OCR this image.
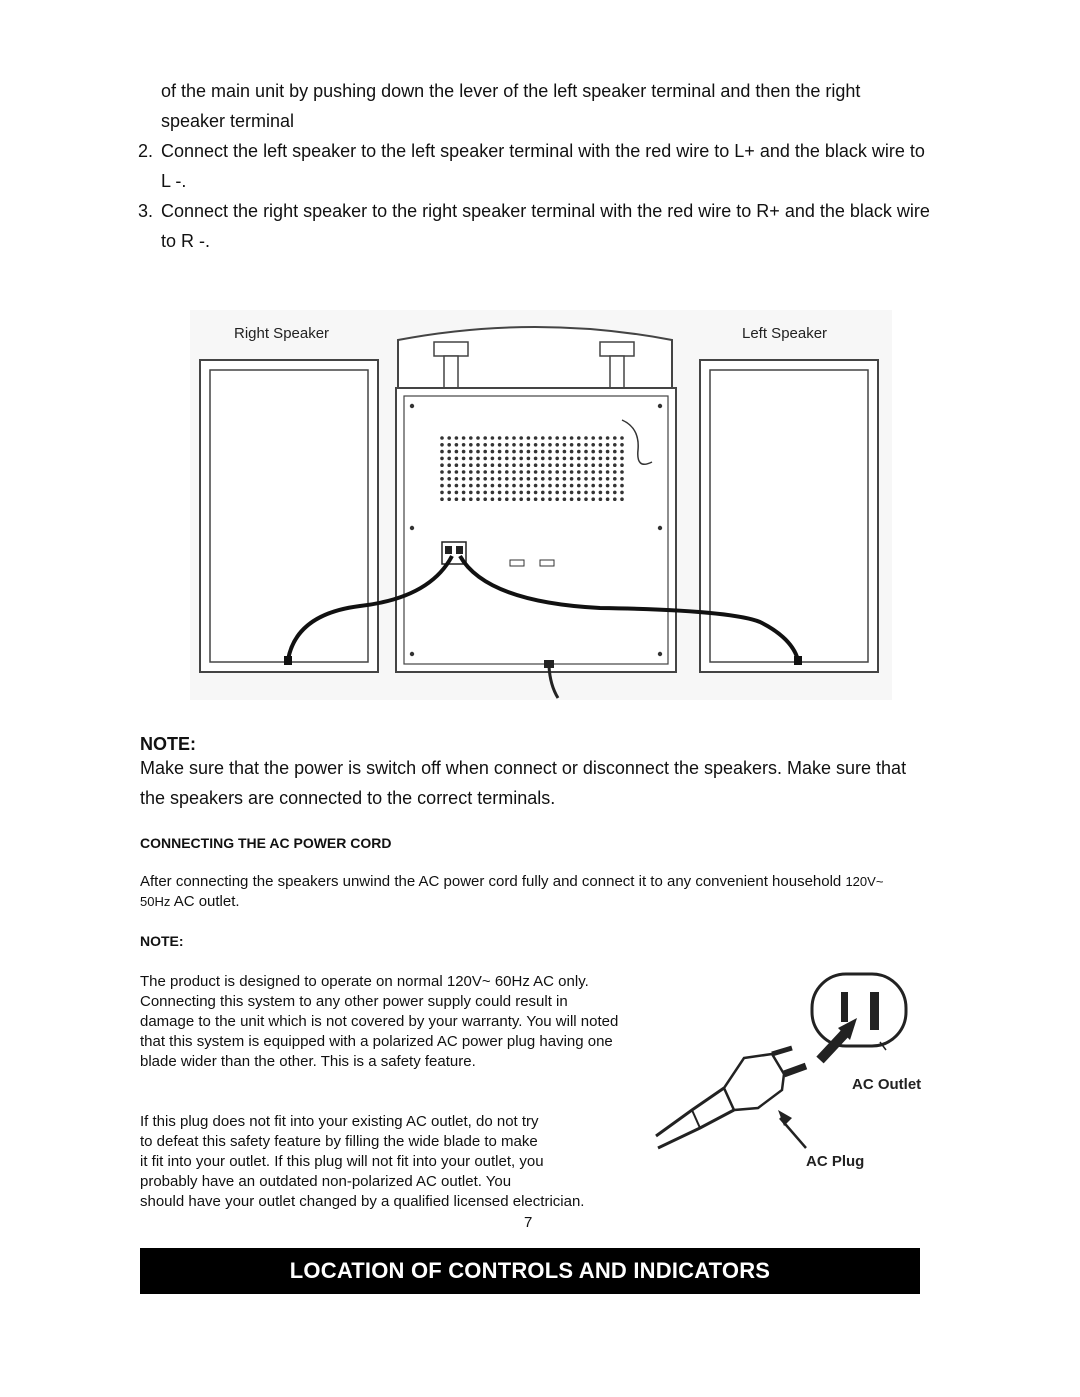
of the main unit by pushing down the lever of the left speaker terminal and then the right speaker terminal
2. Connect the left speaker to the left speaker terminal with the red wire to L+ and the black wire to L -.
3. Connect the right speaker to the right speaker terminal with the red wire to R+ and the black wire to R -.
Right Speaker	Left Speaker
NOTE:
Make sure that the power is switch off when connect or disconnect the speakers. Make sure that the speakers are connected to the correct terminals.
CONNECTING THE AC POWER CORD
After connecting the speakers unwind the AC power cord fully and connect it to any convenient household 120V~ 50Hz AC outlet.
NOTE:
The product is designed to operate on normal 120V~ 60Hz AC only. Connecting this system to any other power supply could result in damage to the unit which is not covered by your warranty. You will noted that this system is equipped with a polarized AC power plug having one blade wider than the other. This is a safety feature.
If this plug does not fit into your existing AC outlet, do not try
to defeat this safety feature by filling the wide blade to make
it fit into your outlet. If this plug will not fit into your outlet, you
probably have an outdated non-polarized AC outlet. You
should have your outlet changed by a qualified licensed electrician.
AC Outlet
AC Plug
7
LOCATION OF CONTROLS AND INDICATORS
